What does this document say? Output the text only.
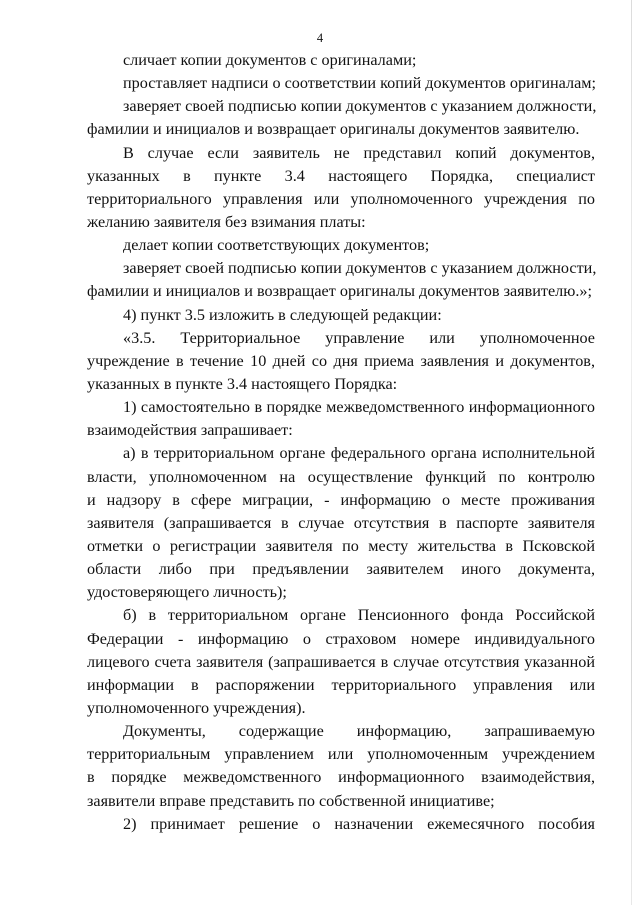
4
сличает копии документов с оригиналами;
проставляет надписи о соответствии копий документов оригиналам;
заверяет своей подписью копии документов с указанием должности,
фамилии и инициалов и возвращает оригиналы документов заявителю.
В случае если заявитель не представил копий документов,
указанных в пункте 3.4 настоящего Порядка, специалист
территориального управления или уполномоченного учреждения по
желанию заявителя без взимания платы:
делает копии соответствующих документов;
заверяет своей подписью копии документов с указанием должности,
фамилии и инициалов и возвращает оригиналы документов заявителю.»;
4) пункт 3.5 изложить в следующей редакции:
«3.5. Территориальное управление или уполномоченное
учреждение в течение 10 дней со дня приема заявления и документов,
указанных в пункте 3.4 настоящего Порядка:
1) самостоятельно в порядке межведомственного информационного
взаимодействия запрашивает:
а) в территориальном органе федерального органа исполнительной
власти, уполномоченном на осуществление функций по контролю
и надзору в сфере миграции, - информацию о месте проживания
заявителя (запрашивается в случае отсутствия в паспорте заявителя
отметки о регистрации заявителя по месту жительства в Псковской
области либо при предъявлении заявителем иного документа,
удостоверяющего личность);
б) в территориальном органе Пенсионного фонда Российской
Федерации - информацию о страховом номере индивидуального
лицевого счета заявителя (запрашивается в случае отсутствия указанной
информации в распоряжении территориального управления или
уполномоченного учреждения).
Документы, содержащие информацию, запрашиваемую
территориальным управлением или уполномоченным учреждением
в порядке межведомственного информационного взаимодействия,
заявители вправе представить по собственной инициативе;
2) принимает решение о назначении ежемесячного пособия
